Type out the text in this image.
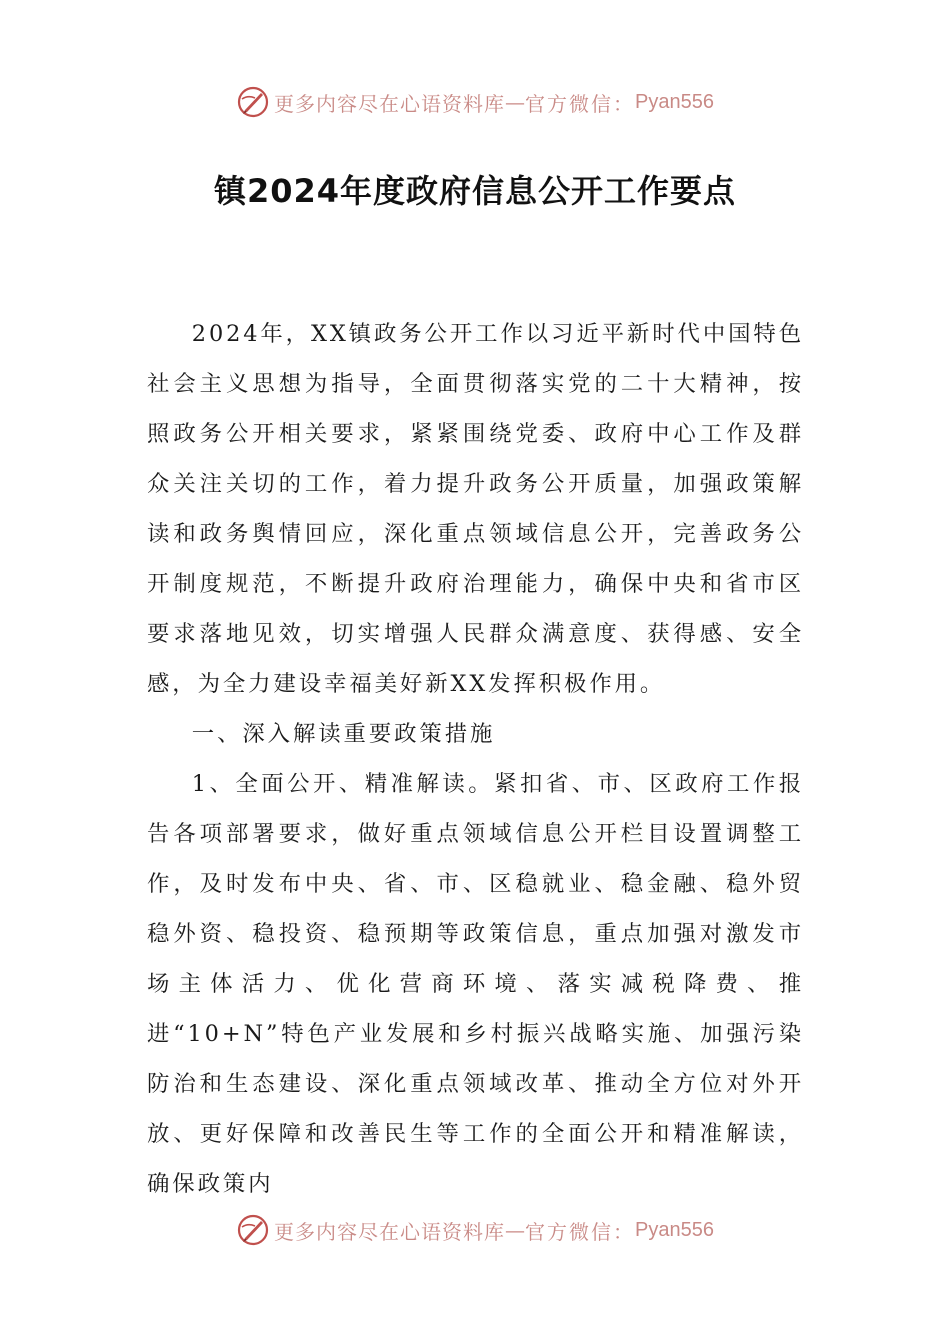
更多内容尽在心语资料库 — 官方微信： Pyan556
镇2024年度政府信息公开工作要点

2024年，XX镇政务公开工作以习近平新时代中国特色社会主义思想为指导，全面贯彻落实党的二十大精神，按照政务公开相关要求，紧紧围绕党委、政府中心工作及群众关注关切的工作，着力提升政务公开质量，加强政策解读和政务舆情回应，深化重点领域信息公开，完善政务公开制度规范，不断提升政府治理能力，确保中央和省市区要求落地见效，切实增强人民群众满意度、获得感、安全感，为全力建设幸福美好新XX发挥积极作用。

一、深入解读重要政策措施

1、全面公开、精准解读。紧扣省、市、区政府工作报告各项部署要求，做好重点领域信息公开栏目设置调整工作，及时发布中央、省、市、区稳就业、稳金融、稳外贸稳外资、稳投资、稳预期等政策信息，重点加强对激发市场主体活力、优化营商环境、落实减税降费、推进“10+N”特色产业发展和乡村振兴战略实施、加强污染防治和生态建设、深化重点领域改革、推动全方位对外开放、更好保障和改善民生等工作的全面公开和精准解读，确保政策内

更多内容尽在心语资料库 — 官方微信： Pyan556
